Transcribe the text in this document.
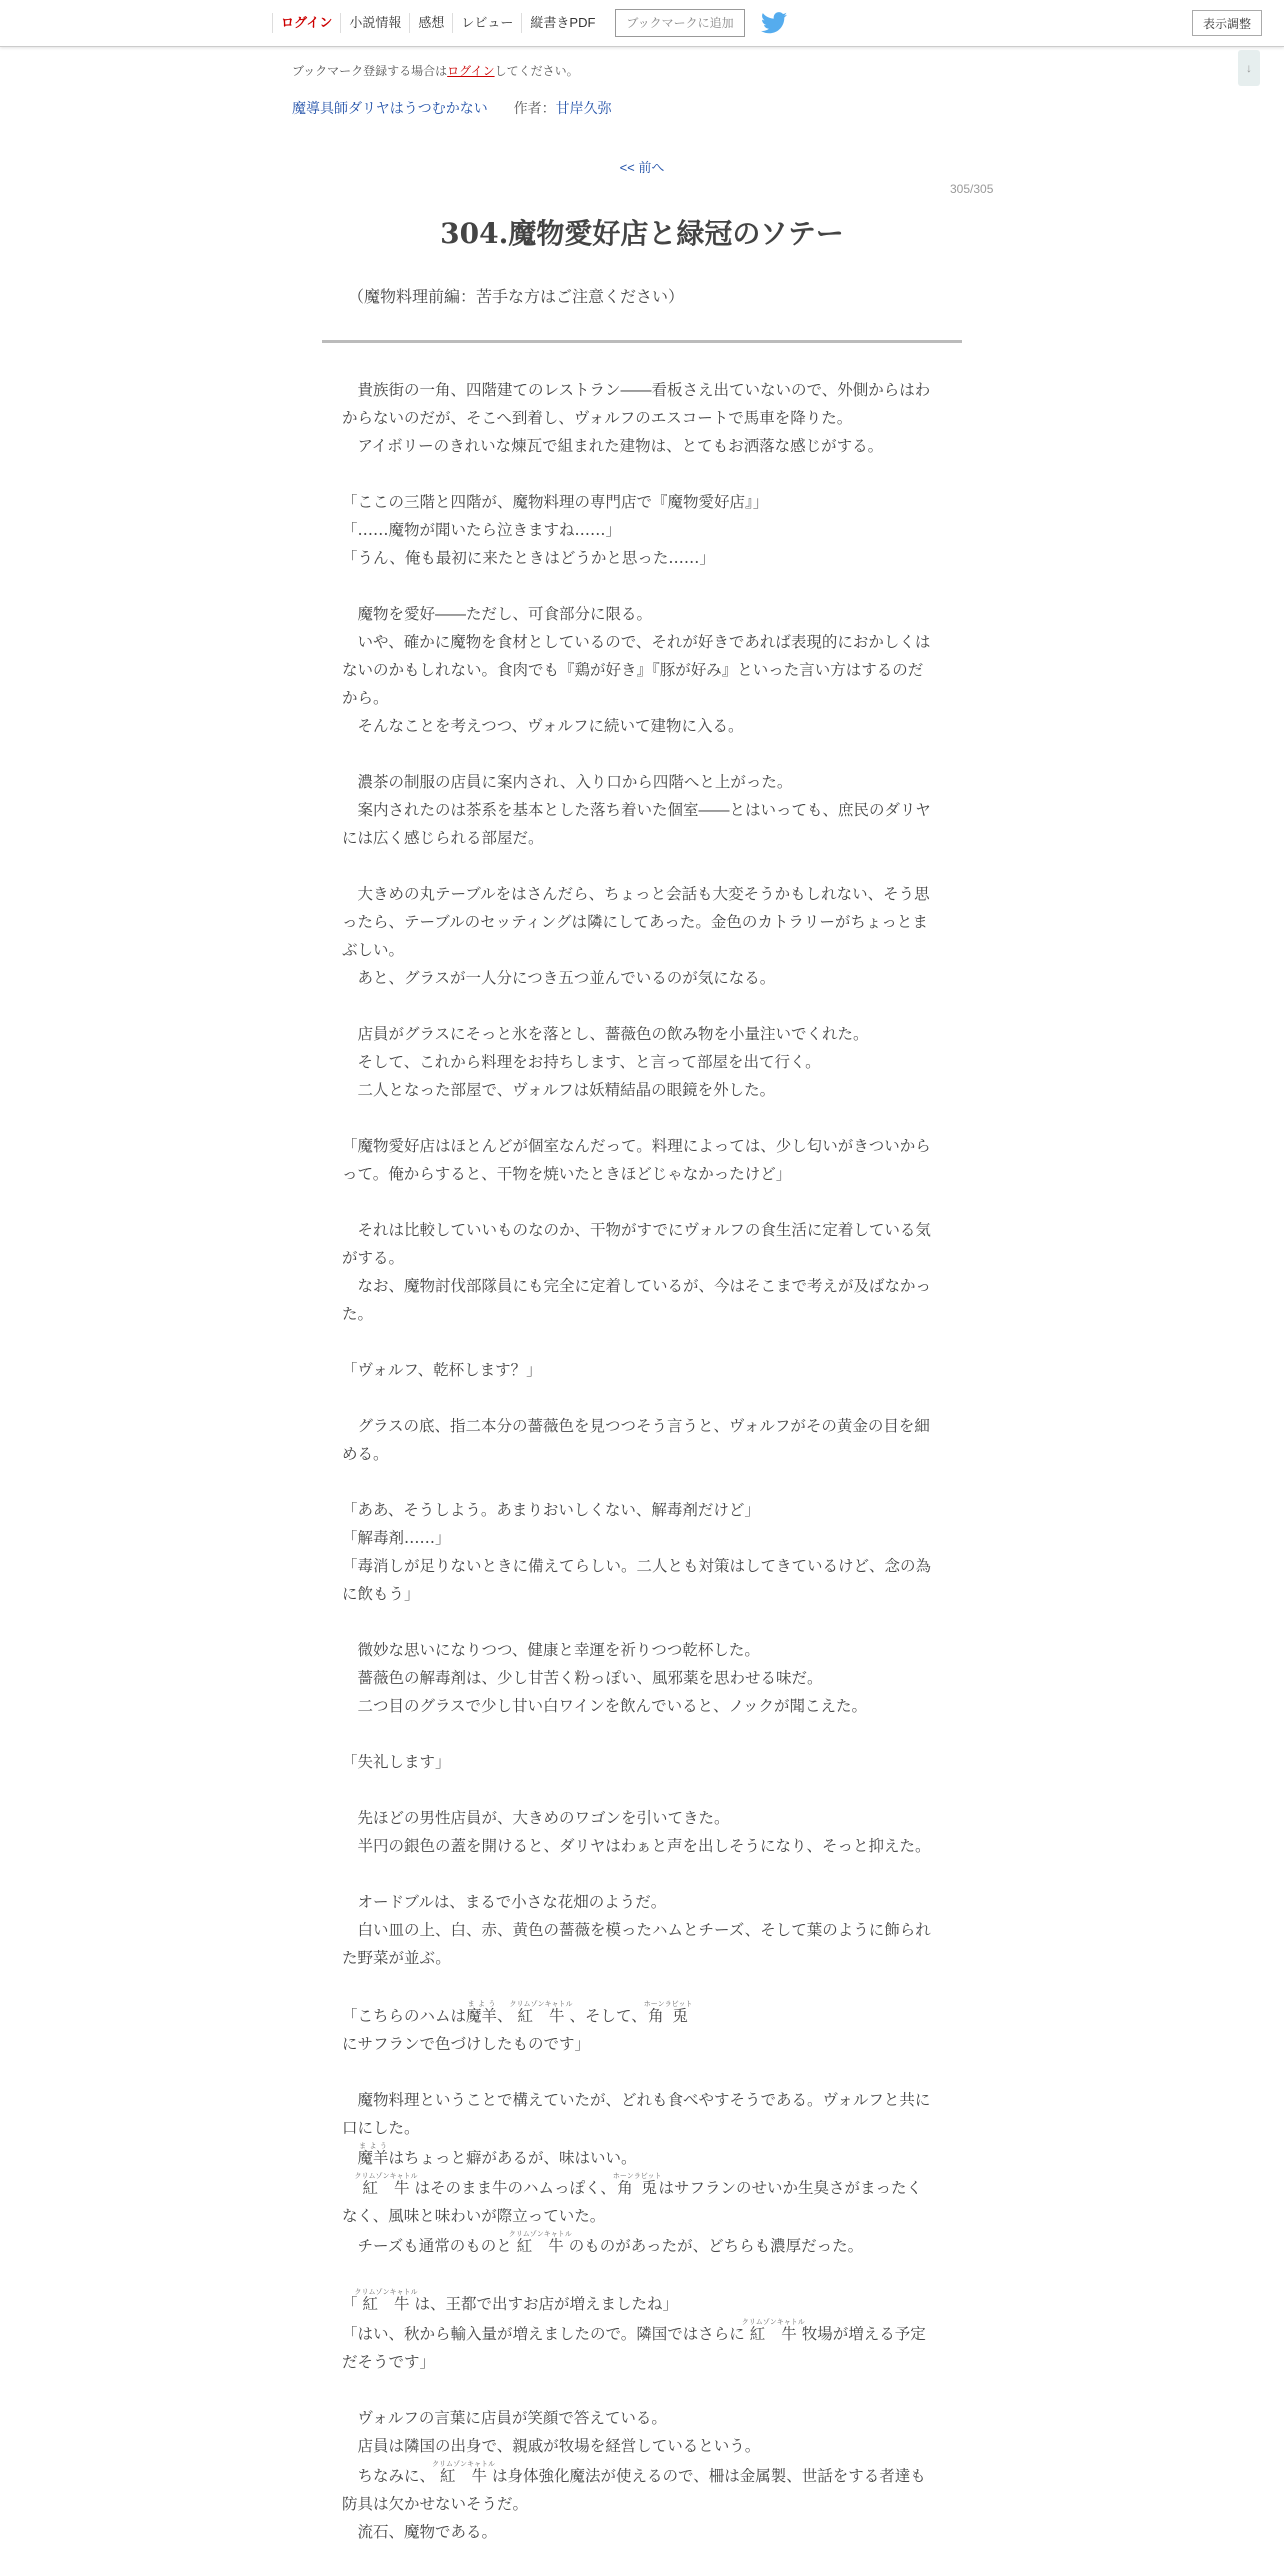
ログイン	小説情報	感想	レビュー	縦書きPDF	ブックマークに追加	表示調整
↓
ブックマーク登録する場合はログインしてください。
魔導具師ダリヤはうつむかない 作者：甘岸久弥
<< 前へ
305/305
304.魔物愛好店と緑冠のソテー
（魔物料理前編：苦手な方はご注意ください）

　貴族街の一角、四階建てのレストラン――看板さえ出ていないので、外側からはわからないのだが、そこへ到着し、ヴォルフのエスコートで馬車を降りた。

　アイボリーのきれいな煉瓦で組まれた建物は、とてもお洒落な感じがする。

「ここの三階と四階が、魔物料理の専門店で『魔物愛好店』」

「……魔物が聞いたら泣きますね……」

「うん、俺も最初に来たときはどうかと思った……」

　魔物を愛好――ただし、可食部分に限る。

　いや、確かに魔物を食材としているので、それが好きであれば表現的におかしくはないのかもしれない。食肉でも『鶏が好き』『豚が好み』といった言い方はするのだから。

　そんなことを考えつつ、ヴォルフに続いて建物に入る。

　濃茶の制服の店員に案内され、入り口から四階へと上がった。

　案内されたのは茶系を基本とした落ち着いた個室――とはいっても、庶民のダリヤには広く感じられる部屋だ。

　大きめの丸テーブルをはさんだら、ちょっと会話も大変そうかもしれない、そう思ったら、テーブルのセッティングは隣にしてあった。金色のカトラリーがちょっとまぶしい。

　あと、グラスが一人分につき五つ並んでいるのが気になる。

　店員がグラスにそっと氷を落とし、薔薇色の飲み物を小量注いでくれた。

　そして、これから料理をお持ちします、と言って部屋を出て行く。

　二人となった部屋で、ヴォルフは妖精結晶の眼鏡を外した。

「魔物愛好店はほとんどが個室なんだって。料理によっては、少し匂いがきついからって。俺からすると、干物を焼いたときほどじゃなかったけど」

　それは比較していいものなのか、干物がすでにヴォルフの食生活に定着している気がする。

　なお、魔物討伐部隊員にも完全に定着しているが、今はそこまで考えが及ばなかった。

「ヴォルフ、乾杯します？」

　グラスの底、指二本分の薔薇色を見つつそう言うと、ヴォルフがその黄金の目を細める。

「ああ、そうしよう。あまりおいしくない、解毒剤だけど」

「解毒剤……」

「毒消しが足りないときに備えてらしい。二人とも対策はしてきているけど、念の為に飲もう」

　微妙な思いになりつつ、健康と幸運を祈りつつ乾杯した。

　薔薇色の解毒剤は、少し甘苦く粉っぽい、風邪薬を思わせる味だ。

　二つ目のグラスで少し甘い白ワインを飲んでいると、ノックが聞こえた。

「失礼します」

　先ほどの男性店員が、大きめのワゴンを引いてきた。

　半円の銀色の蓋を開けると、ダリヤはわぁと声を出しそうになり、そっと抑えた。

　オードブルは、まるで小さな花畑のようだ。

　白い皿の上、白、赤、黄色の薔薇を模ったハムとチーズ、そして葉のように飾られた野菜が並ぶ。

「こちらのハムは魔羊まよう、紅牛クリムゾンキャトル、そして、角兎ホーンラビットにサフランで色づけしたものです」

　魔物料理ということで構えていたが、どれも食べやすそうである。ヴォルフと共に口にした。

　魔羊まようはちょっと癖があるが、味はいい。

　紅牛クリムゾンキャトルはそのまま牛のハムっぽく、角兎ホーンラビットはサフランのせいか生臭さがまったくなく、風味と味わいが際立っていた。

　チーズも通常のものと紅牛クリムゾンキャトルのものがあったが、どちらも濃厚だった。

「紅牛クリムゾンキャトルは、王都で出すお店が増えましたね」

「はい、秋から輸入量が増えましたので。隣国ではさらに紅牛クリムゾンキャトル牧場が増える予定だそうです」

　ヴォルフの言葉に店員が笑顔で答えている。

　店員は隣国の出身で、親戚が牧場を経営しているという。

　ちなみに、紅牛クリムゾンキャトルは身体強化魔法が使えるので、柵は金属製、世話をする者達も防具は欠かせないそうだ。

　流石、魔物である。
